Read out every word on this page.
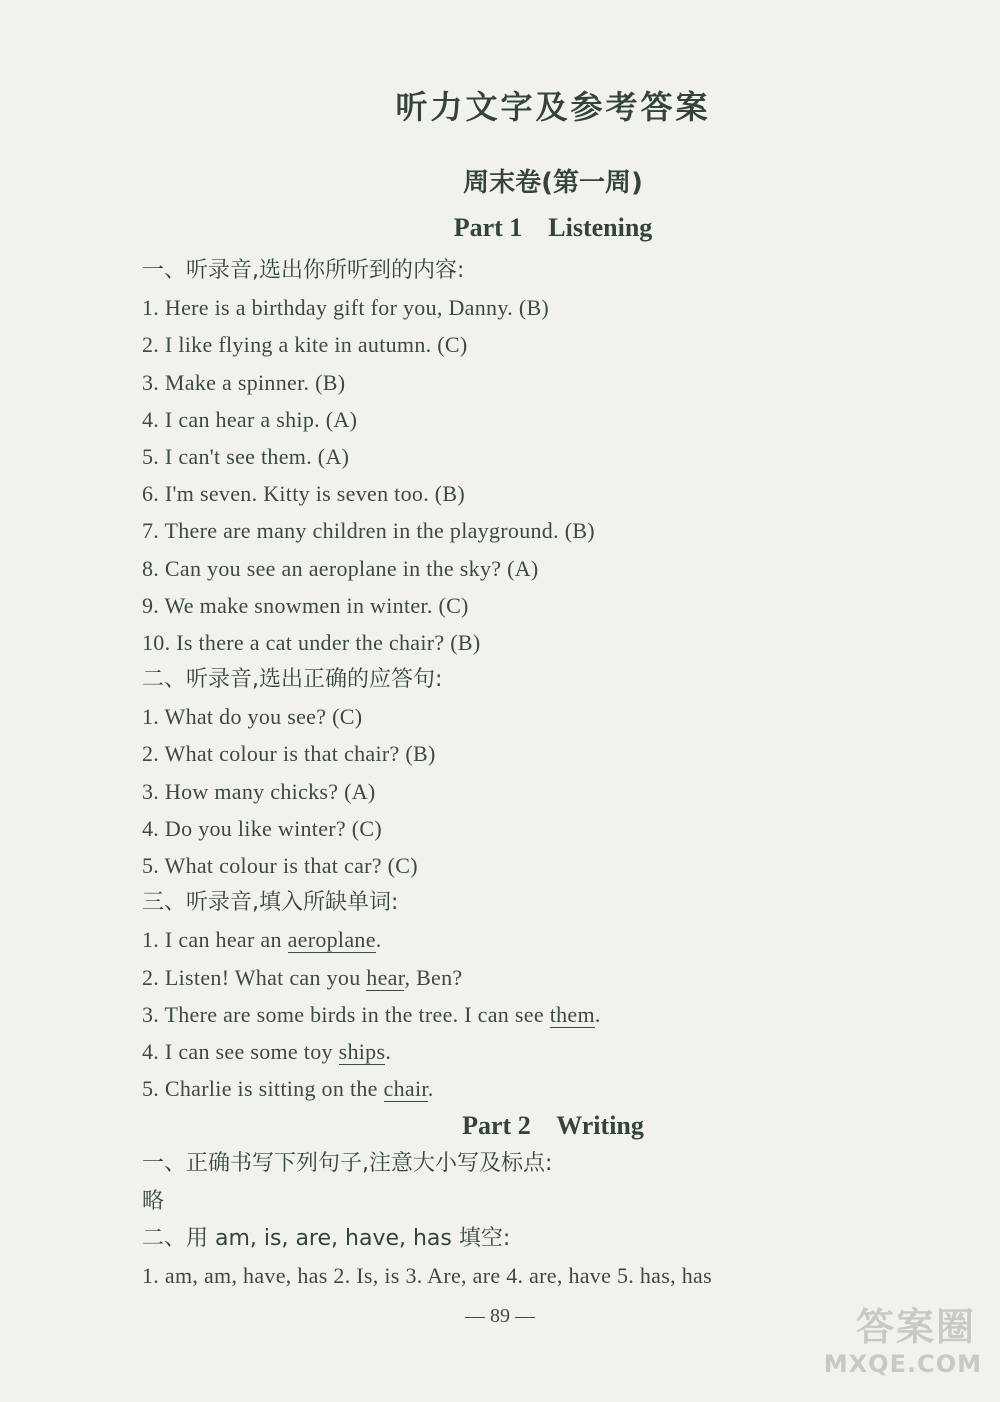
听力文字及参考答案
周末卷(第一周)
Part 1    Listening
一、听录音,选出你所听到的内容:
1. Here is a birthday gift for you, Danny. (B)
2. I like flying a kite in autumn. (C)
3. Make a spinner. (B)
4. I can hear a ship. (A)
5. I can't see them. (A)
6. I'm seven. Kitty is seven too. (B)
7. There are many children in the playground. (B)
8. Can you see an aeroplane in the sky? (A)
9. We make snowmen in winter. (C)
10. Is there a cat under the chair? (B)
二、听录音,选出正确的应答句:
1. What do you see? (C)
2. What colour is that chair? (B)
3. How many chicks? (A)
4. Do you like winter? (C)
5. What colour is that car? (C)
三、听录音,填入所缺单词:
1. I can hear an aeroplane.
2. Listen! What can you hear, Ben?
3. There are some birds in the tree. I can see them.
4. I can see some toy ships.
5. Charlie is sitting on the chair.
Part 2    Writing
一、正确书写下列句子,注意大小写及标点:
略
二、用 am, is, are, have, has 填空:
1. am, am, have, has 2. Is, is 3. Are, are 4. are, have 5. has, has
— 89 —	答案圈
MXQE.COM
